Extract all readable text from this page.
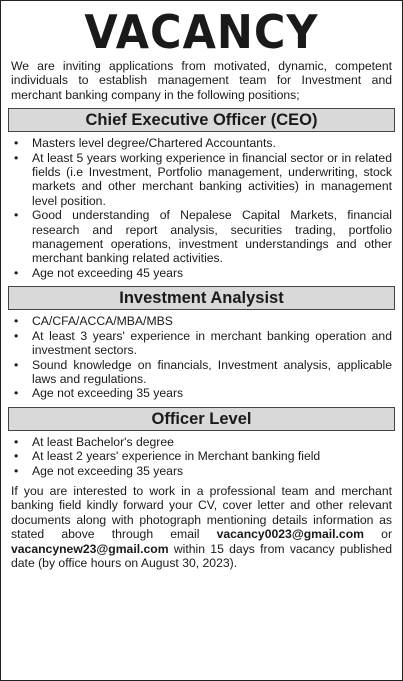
VACANCY

We are inviting applications from motivated, dynamic, competent individuals to establish management team for Investment and merchant banking company in the following positions;

Chief Executive Officer (CEO)
• Masters level degree/Chartered Accountants.
• At least 5 years working experience in financial sector or in related fields (i.e Investment, Portfolio management, underwriting, stock markets and other merchant banking activities) in management level position.
• Good understanding of Nepalese Capital Markets, financial research and report analysis, securities trading, portfolio management operations, investment understandings and other merchant banking related activities.
• Age not exceeding 45 years
Investment Analysist
• CA/CFA/ACCA/MBA/MBS
• At least 3 years' experience in merchant banking operation and investment sectors.
• Sound knowledge on financials, Investment analysis, applicable laws and regulations.
• Age not exceeding 35 years
Officer Level
• At least Bachelor's degree
• At least 2 years' experience in Merchant banking field
• Age not exceeding 35 years

If you are interested to work in a professional team and merchant banking field kindly forward your CV, cover letter and other relevant documents along with photograph mentioning details information as stated above through email vacancy0023@gmail.com or vacancynew23@gmail.com within 15 days from vacancy published date (by office hours on August 30, 2023).
